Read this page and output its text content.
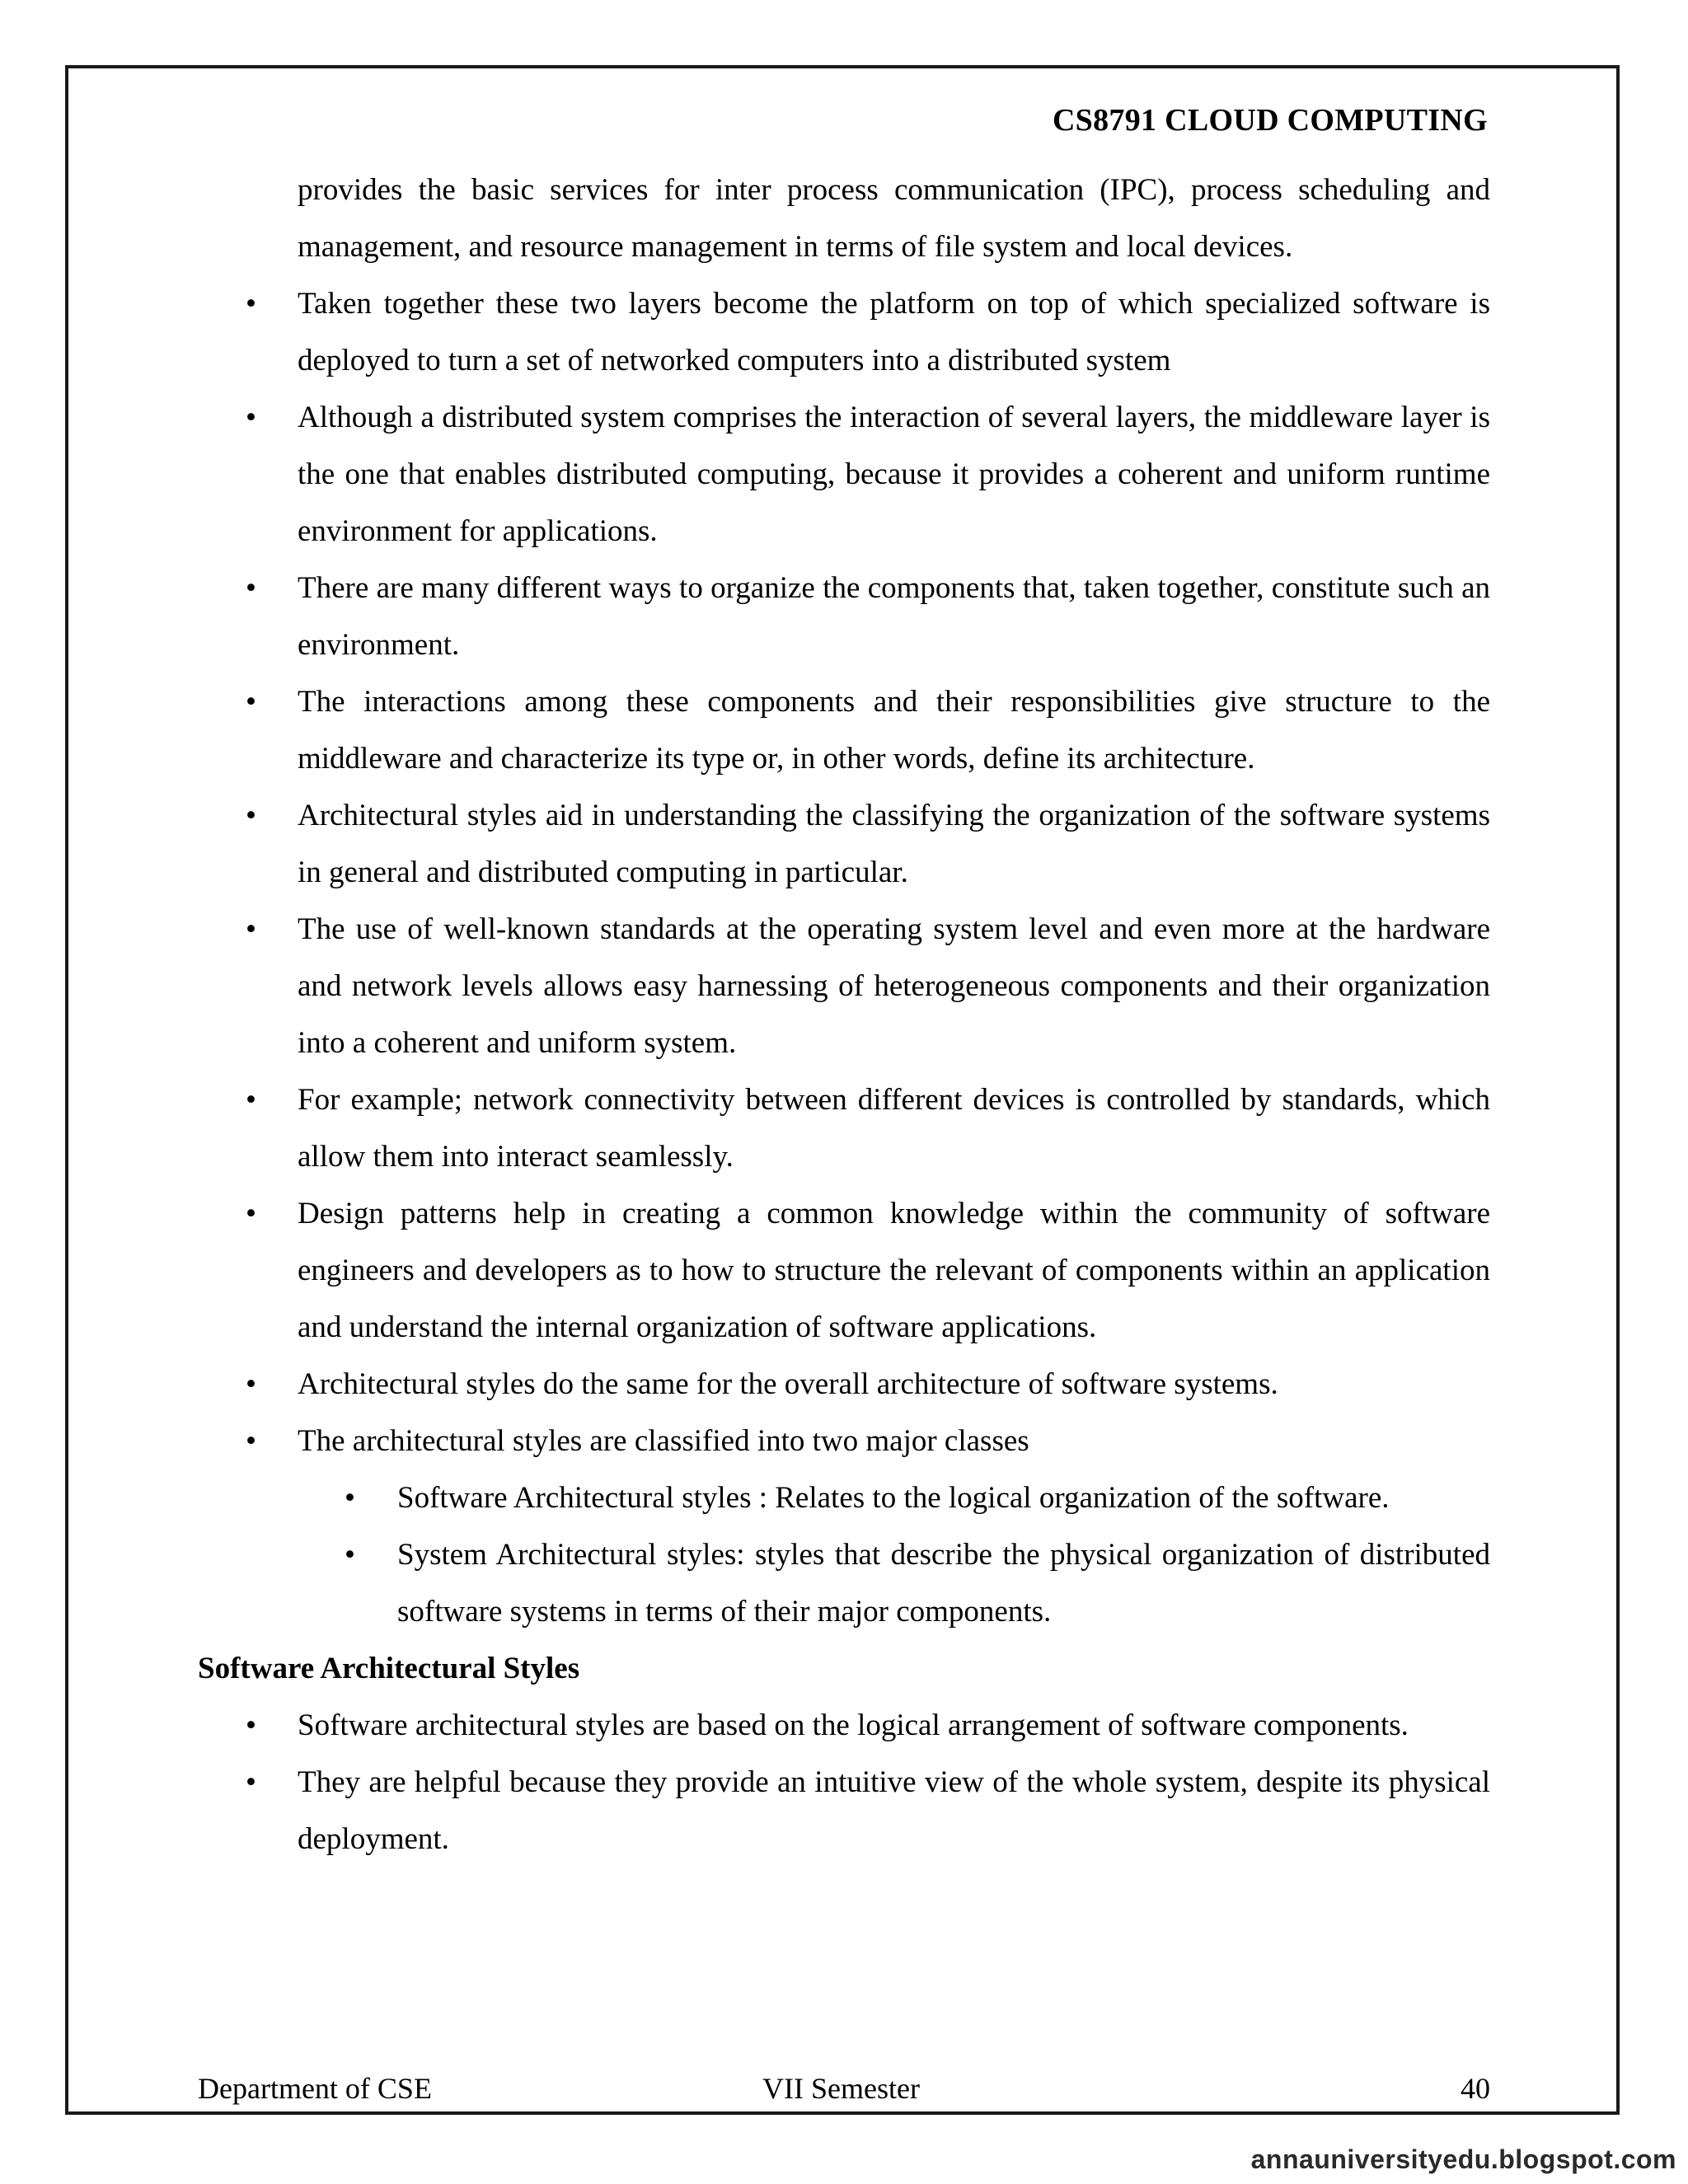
CS8791 CLOUD COMPUTING

provides the basic services for inter process communication (IPC), process scheduling and management, and resource management in terms of file system and local devices.

• Taken together these two layers become the platform on top of which specialized software is deployed to turn a set of networked computers into a distributed system
• Although a distributed system comprises the interaction of several layers, the middleware layer is the one that enables distributed computing, because it provides a coherent and uniform runtime environment for applications.
• There are many different ways to organize the components that, taken together, constitute such an environment.
• The interactions among these components and their responsibilities give structure to the middleware and characterize its type or, in other words, define its architecture.
• Architectural styles aid in understanding the classifying the organization of the software systems in general and distributed computing in particular.
• The use of well-known standards at the operating system level and even more at the hardware and network levels allows easy harnessing of heterogeneous components and their organization into a coherent and uniform system.
• For example; network connectivity between different devices is controlled by standards, which allow them into interact seamlessly.
• Design patterns help in creating a common knowledge within the community of software engineers and developers as to how to structure the relevant of components within an application and understand the internal organization of software applications.
• Architectural styles do the same for the overall architecture of software systems.
• The architectural styles are classified into two major classes
• Software Architectural styles : Relates to the logical organization of the software.
• System Architectural styles: styles that describe the physical organization of distributed software systems in terms of their major components.
Software Architectural Styles
• Software architectural styles are based on the logical arrangement of software components.
• They are helpful because they provide an intuitive view of the whole system, despite its physical deployment.
Department of CSE	VII Semester	40
annauniversityedu.blogspot.com
